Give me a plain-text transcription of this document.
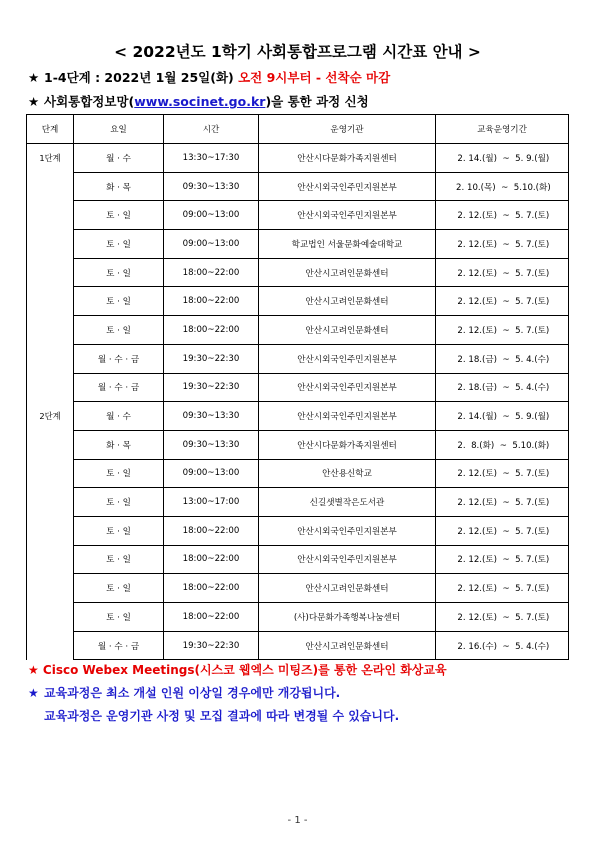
< 2022년도 1학기 사회통합프로그램 시간표 안내 >
★ 1-4단계 : 2022년 1월 25일(화) 오전 9시부터 - 선착순 마감
★ 사회통합정보망(www.socinet.go.kr)을 통한 과정 신청
단계	요일	시간	운영기관	교육운영기간
1단계	월 · 수	13:30~17:30	안산시다문화가족지원센터	2. 14.(월)  ~  5. 9.(월)
	화 · 목	09:30~13:30	안산시외국인주민지원본부	2. 10.(목)  ~  5.10.(화)
	토 · 일	09:00~13:00	안산시외국인주민지원본부	2. 12.(토)  ~  5. 7.(토)
	토 · 일	09:00~13:00	학교법인 서울문화예술대학교	2. 12.(토)  ~  5. 7.(토)
	토 · 일	18:00~22:00	안산시고려인문화센터	2. 12.(토)  ~  5. 7.(토)
	토 · 일	18:00~22:00	안산시고려인문화센터	2. 12.(토)  ~  5. 7.(토)
	토 · 일	18:00~22:00	안산시고려인문화센터	2. 12.(토)  ~  5. 7.(토)
	월 · 수 · 금	19:30~22:30	안산시외국인주민지원본부	2. 18.(금)  ~  5. 4.(수)
	월 · 수 · 금	19:30~22:30	안산시외국인주민지원본부	2. 18.(금)  ~  5. 4.(수)
2단계	월 · 수	09:30~13:30	안산시외국인주민지원본부	2. 14.(월)  ~  5. 9.(월)
	화 · 목	09:30~13:30	안산시다문화가족지원센터	2.  8.(화)  ~  5.10.(화)
	토 · 일	09:00~13:00	안산용신학교	2. 12.(토)  ~  5. 7.(토)
	토 · 일	13:00~17:00	신길샛별작은도서관	2. 12.(토)  ~  5. 7.(토)
	토 · 일	18:00~22:00	안산시외국인주민지원본부	2. 12.(토)  ~  5. 7.(토)
	토 · 일	18:00~22:00	안산시외국인주민지원본부	2. 12.(토)  ~  5. 7.(토)
	토 · 일	18:00~22:00	안산시고려인문화센터	2. 12.(토)  ~  5. 7.(토)
	토 · 일	18:00~22:00	(사)다문화가족행복나눔센터	2. 12.(토)  ~  5. 7.(토)
	월 · 수 · 금	19:30~22:30	안산시고려인문화센터	2. 16.(수)  ~  5. 4.(수)
★ Cisco Webex Meetings(시스코 웹엑스 미팅즈)를 통한 온라인 화상교육
★ 교육과정은 최소 개설 인원 이상일 경우에만 개강됩니다.
교육과정은 운영기관 사정 및 모집 결과에 따라 변경될 수 있습니다.
- 1 -
